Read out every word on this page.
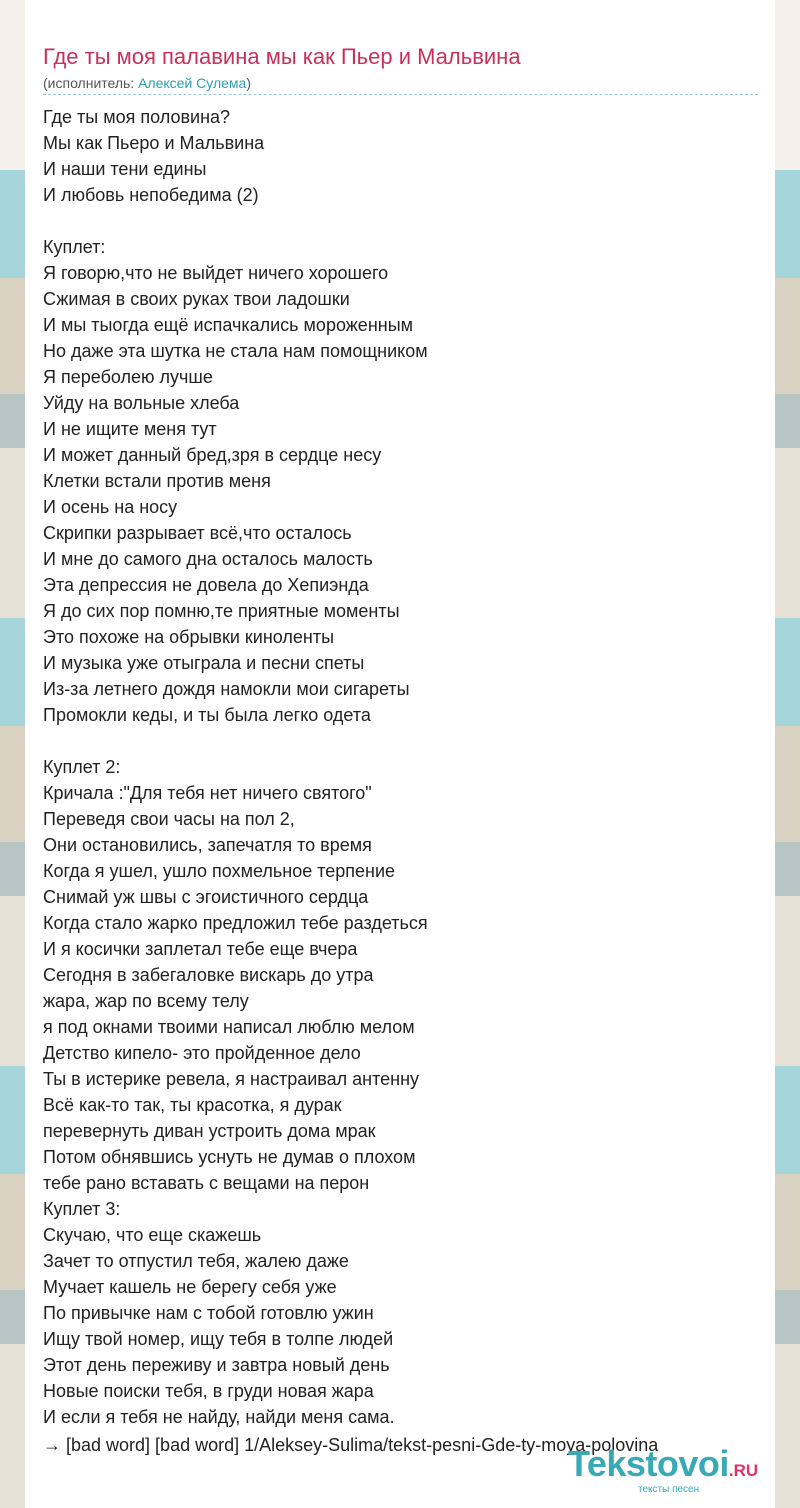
Где ты моя палавина мы как Пьер и Мальвина
(исполнитель: Алексей Сулема)
Где ты моя половина?
Мы как Пьеро и Мальвина
И наши тени едины
И любовь непобедима (2)
Куплет:
Я говорю,что не выйдет ничего хорошего
Сжимая в своих руках твои ладошки
И мы тыогда ещё испачкались мороженным
Но даже эта шутка не стала нам помощником
Я переболею лучше
Уйду на вольные хлеба
И не ищите меня тут
И может данный бред,зря в сердце несу
Клетки встали против меня
И осень на носу
Скрипки разрывает всё,что осталось
И мне до самого дна осталось малость
Эта депрессия не довела до Хепиэнда
Я до сих пор помню,те приятные моменты
Это похоже на обрывки киноленты
И музыка уже отыграла и песни спеты
Из-за летнего дождя намокли мои сигареты
Промокли кеды, и ты была легко одета
Куплет 2:
Кричала :"Для тебя нет ничего святого"
Переведя свои часы на пол 2,
Они остановились, запечатля то время
Когда я ушел, ушло похмельное терпение
Снимай уж швы с эгоистичного сердца
Когда стало жарко предложил тебе раздеться
И я косички заплетал тебе еще вчера
Сегодня в забегаловке вискарь до утра
жара, жар по всему телу
я под окнами твоими написал люблю мелом
Детство кипело- это пройденное дело
Ты в истерике ревела, я настраивал антенну
Всё как-то так, ты красотка, я дурак
перевернуть диван устроить дома мрак
Потом обнявшись уснуть не думав о плохом
тебе рано вставать с вещами на перон
Куплет 3:
Скучаю, что еще скажешь
Зачет то отпустил тебя, жалею даже
Мучает кашель не берегу себя уже
По привычке нам с тобой готовлю ужин
Ищу твой номер, ищу тебя в толпе людей
Этот день переживу и завтра новый день
Новые поиски тебя, в груди новая жара
И если я тебя не найду, найди меня сама.
→ [bad word] [bad word] 1/Aleksey-Sulima/tekst-pesni-Gde-ty-moya-polovina
Tekstovoi.RU
тексты песен
